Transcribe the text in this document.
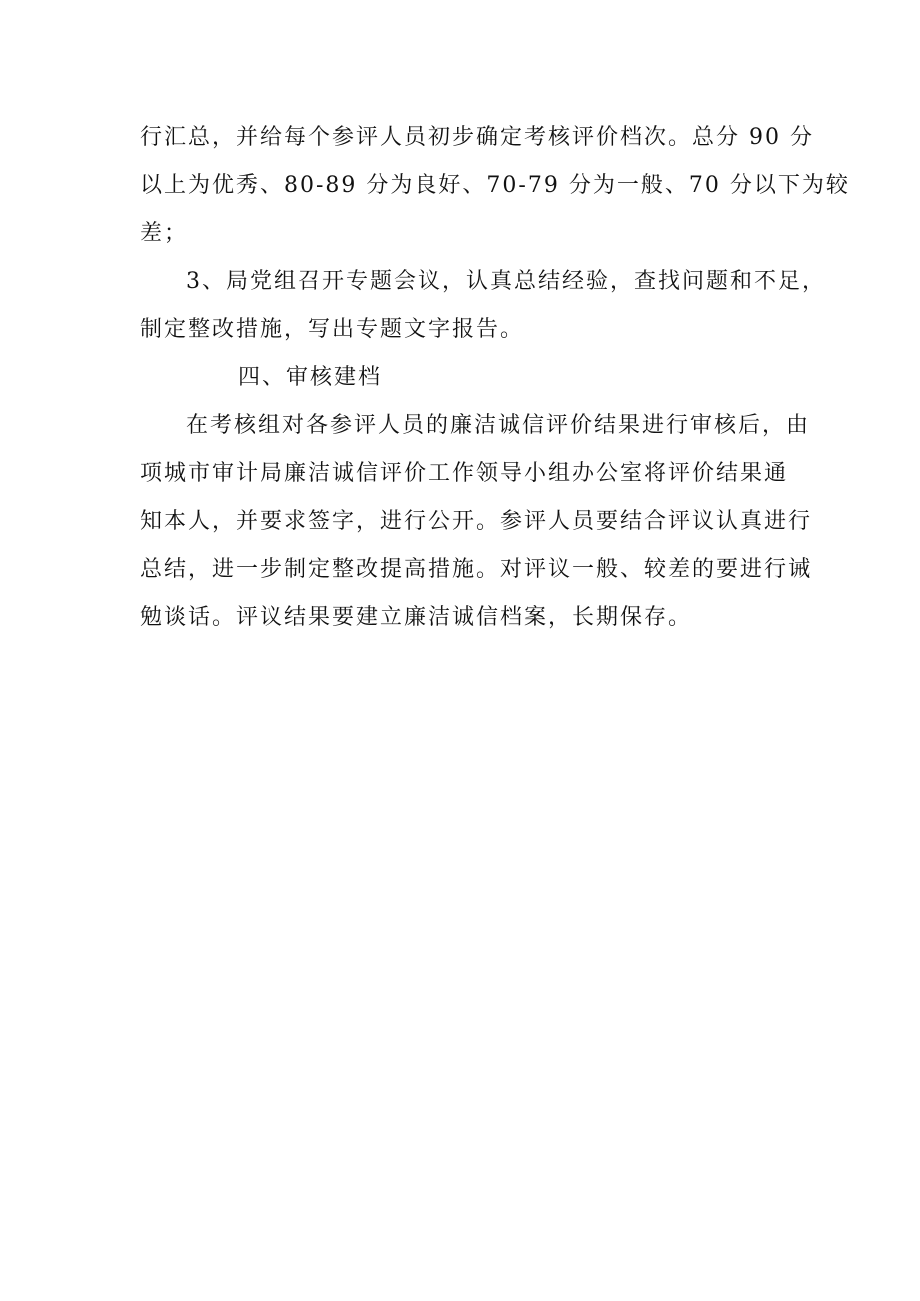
行汇总，并给每个参评人员初步确定考核评价档次。总分 90 分
以上为优秀、80-89 分为良好、70-79 分为一般、70 分以下为较
差；

3、局党组召开专题会议，认真总结经验，查找问题和不足，
制定整改措施，写出专题文字报告。

四、审核建档

在考核组对各参评人员的廉洁诚信评价结果进行审核后，由
项城市审计局廉洁诚信评价工作领导小组办公室将评价结果通
知本人，并要求签字，进行公开。参评人员要结合评议认真进行
总结，进一步制定整改提高措施。对评议一般、较差的要进行诫
勉谈话。评议结果要建立廉洁诚信档案，长期保存。
